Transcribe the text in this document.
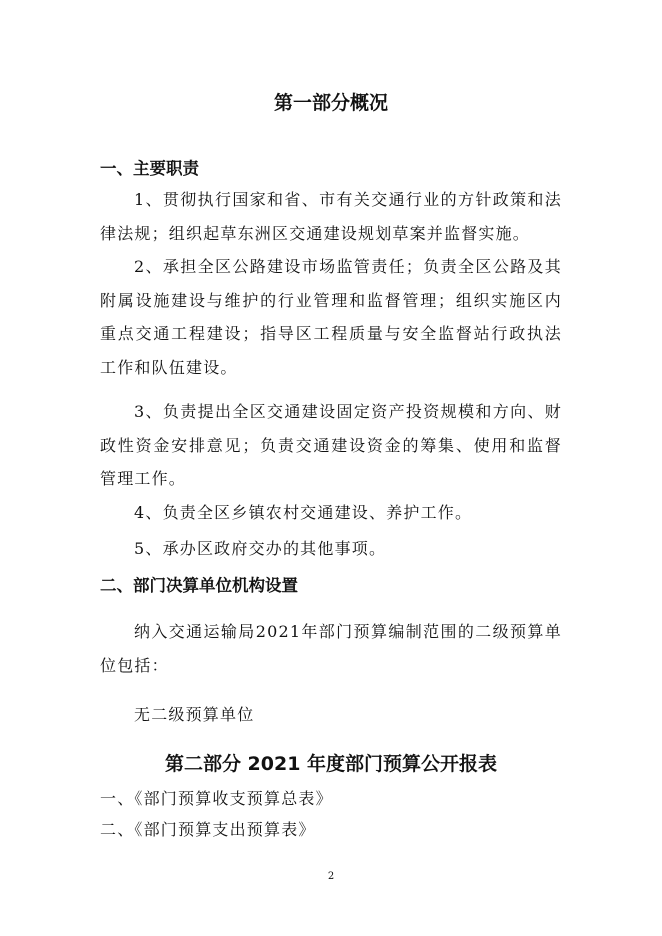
第一部分概况
一、主要职责
1、贯彻执行国家和省、市有关交通行业的方针政策和法律法规；组织起草东洲区交通建设规划草案并监督实施。
2、承担全区公路建设市场监管责任；负责全区公路及其附属设施建设与维护的行业管理和监督管理；组织实施区内重点交通工程建设；指导区工程质量与安全监督站行政执法工作和队伍建设。
3、负责提出全区交通建设固定资产投资规模和方向、财政性资金安排意见；负责交通建设资金的筹集、使用和监督管理工作。
4、负责全区乡镇农村交通建设、养护工作。
5、承办区政府交办的其他事项。
二、部门决算单位机构设置
纳入交通运输局2021年部门预算编制范围的二级预算单位包括：
无二级预算单位
第二部分 2021 年度部门预算公开报表
一、《部门预算收支预算总表》
二、《部门预算支出预算表》
2
